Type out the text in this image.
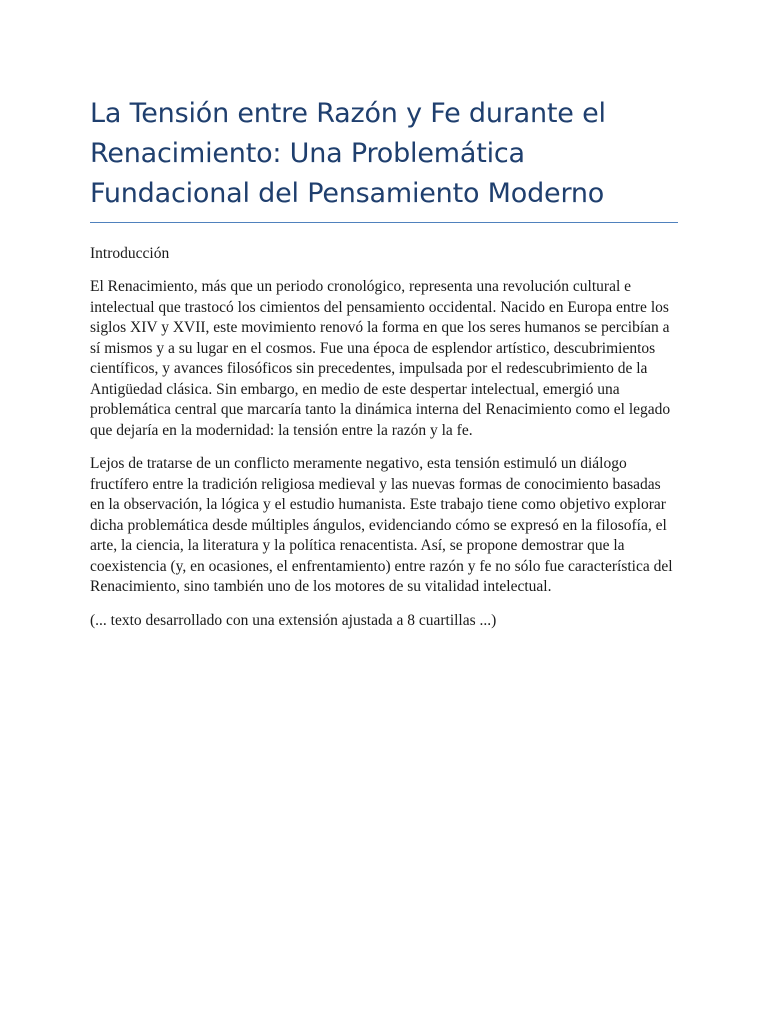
La Tensión entre Razón y Fe durante el Renacimiento: Una Problemática Fundacional del Pensamiento Moderno

Introducción

El Renacimiento, más que un periodo cronológico, representa una revolución cultural e intelectual que trastocó los cimientos del pensamiento occidental. Nacido en Europa entre los siglos XIV y XVII, este movimiento renovó la forma en que los seres humanos se percibían a sí mismos y a su lugar en el cosmos. Fue una época de esplendor artístico, descubrimientos científicos, y avances filosóficos sin precedentes, impulsada por el redescubrimiento de la Antigüedad clásica. Sin embargo, en medio de este despertar intelectual, emergió una problemática central que marcaría tanto la dinámica interna del Renacimiento como el legado que dejaría en la modernidad: la tensión entre la razón y la fe.

Lejos de tratarse de un conflicto meramente negativo, esta tensión estimuló un diálogo fructífero entre la tradición religiosa medieval y las nuevas formas de conocimiento basadas en la observación, la lógica y el estudio humanista. Este trabajo tiene como objetivo explorar dicha problemática desde múltiples ángulos, evidenciando cómo se expresó en la filosofía, el arte, la ciencia, la literatura y la política renacentista. Así, se propone demostrar que la coexistencia (y, en ocasiones, el enfrentamiento) entre razón y fe no sólo fue característica del Renacimiento, sino también uno de los motores de su vitalidad intelectual.

(... texto desarrollado con una extensión ajustada a 8 cuartillas ...)
